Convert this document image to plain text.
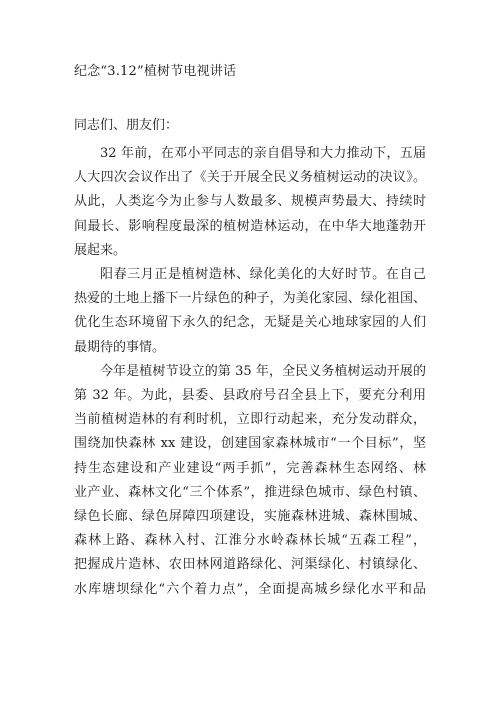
纪念“3.12”植树节电视讲话
同志们、朋友们：

32 年前，在邓小平同志的亲自倡导和大力推动下，五届
人大四次会议作出了《关于开展全民义务植树运动的决议》。
从此，人类迄今为止参与人数最多、规模声势最大、持续时
间最长、影响程度最深的植树造林运动，在中华大地蓬勃开
展起来。

阳春三月正是植树造林、绿化美化的大好时节。在自己
热爱的土地上播下一片绿色的种子，为美化家园、绿化祖国、
优化生态环境留下永久的纪念，无疑是关心地球家园的人们
最期待的事情。

今年是植树节设立的第 35 年，全民义务植树运动开展的
第 32 年。为此，县委、县政府号召全县上下，要充分利用
当前植树造林的有利时机，立即行动起来，充分发动群众，
围绕加快森林 xx 建设，创建国家森林城市“一个目标”，坚
持生态建设和产业建设“两手抓”，完善森林生态网络、林
业产业、森林文化“三个体系”，推进绿色城市、绿色村镇、
绿色长廊、绿色屏障四项建设，实施森林进城、森林围城、
森林上路、森林入村、江淮分水岭森林长城“五森工程”，
把握成片造林、农田林网道路绿化、河渠绿化、村镇绿化、
水库塘坝绿化“六个着力点”，全面提高城乡绿化水平和品
